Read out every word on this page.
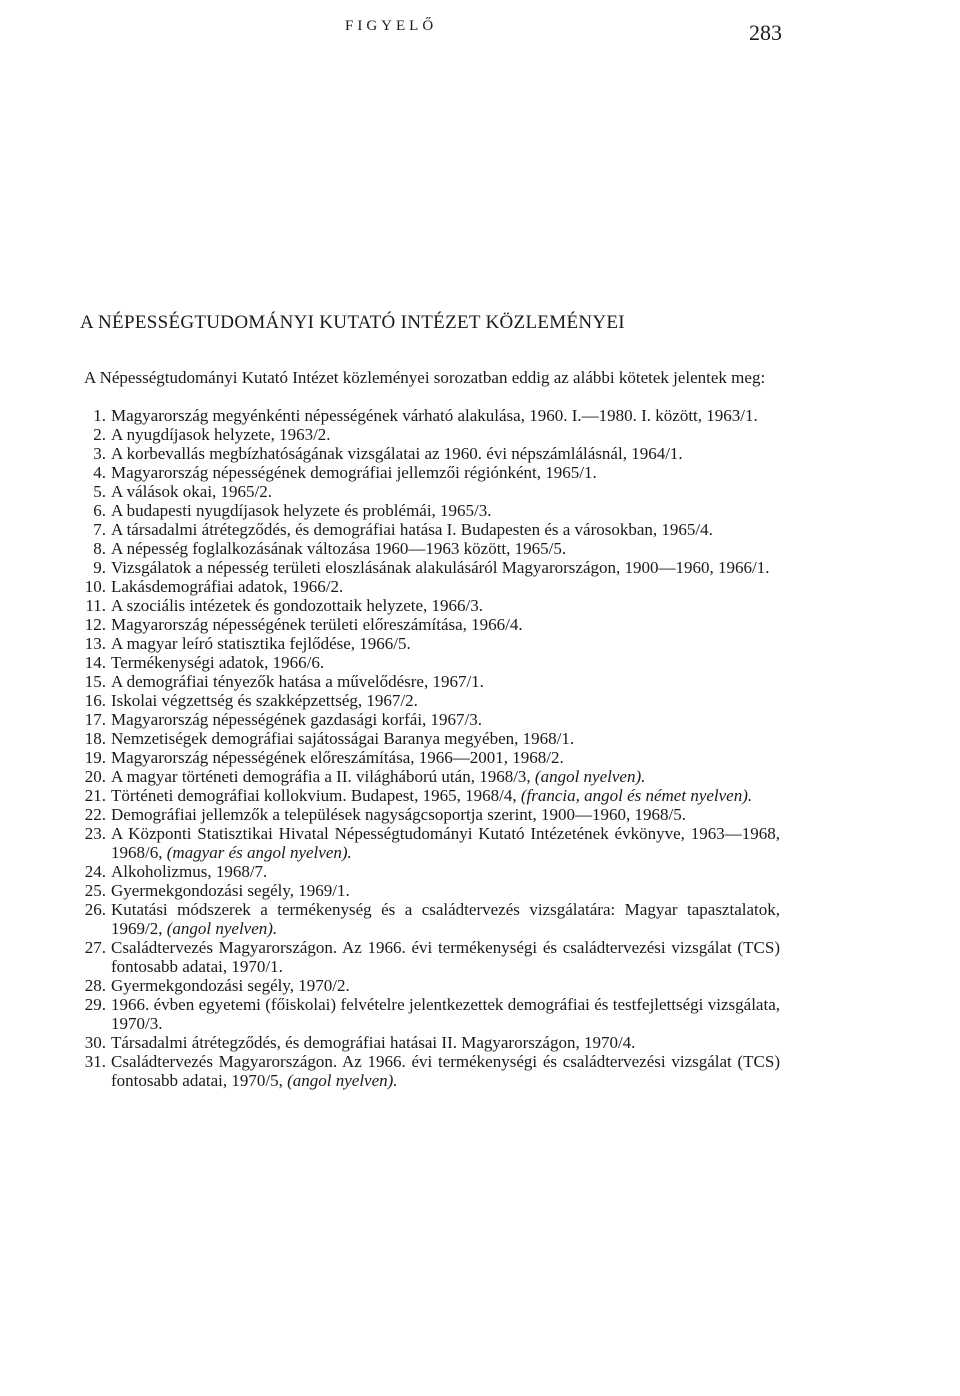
FIGYELŐ	283
A NÉPESSÉGTUDOMÁNYI KUTATÓ INTÉZET KÖZLEMÉNYEI
A Népességtudományi Kutató Intézet közleményei sorozatban eddig az alábbi kötetek jelentek meg:
1. Magyarország megyénkénti népességének várható alakulása, 1960. I.—1980. I. között, 1963/1.
2. A nyugdíjasok helyzete, 1963/2.
3. A korbevallás megbízhatóságának vizsgálatai az 1960. évi népszámlálásnál, 1964/1.
4. Magyarország népességének demográfiai jellemzői régiónként, 1965/1.
5. A válások okai, 1965/2.
6. A budapesti nyugdíjasok helyzete és problémái, 1965/3.
7. A társadalmi átrétegződés, és demográfiai hatása I. Budapesten és a városokban, 1965/4.
8. A népesség foglalkozásának változása 1960—1963 között, 1965/5.
9. Vizsgálatok a népesség területi eloszlásának alakulásáról Magyarországon, 1900—1960, 1966/1.
10. Lakásdemográfiai adatok, 1966/2.
11. A szociális intézetek és gondozottaik helyzete, 1966/3.
12. Magyarország népességének területi előreszámítása, 1966/4.
13. A magyar leíró statisztika fejlődése, 1966/5.
14. Termékenységi adatok, 1966/6.
15. A demográfiai tényezők hatása a művelődésre, 1967/1.
16. Iskolai végzettség és szakképzettség, 1967/2.
17. Magyarország népességének gazdasági korfái, 1967/3.
18. Nemzetiségek demográfiai sajátosságai Baranya megyében, 1968/1.
19. Magyarország népességének előreszámítása, 1966—2001, 1968/2.
20. A magyar történeti demográfia a II. világháború után, 1968/3, (angol nyelven).
21. Történeti demográfiai kollokvium. Budapest, 1965, 1968/4, (francia, angol és német nyelven).
22. Demográfiai jellemzők a települések nagyságcsoportja szerint, 1900—1960, 1968/5.
23. A Központi Statisztikai Hivatal Népességtudományi Kutató Intézetének évkönyve, 1963—1968, 1968/6, (magyar és angol nyelven).
24. Alkoholizmus, 1968/7.
25. Gyermekgondozási segély, 1969/1.
26. Kutatási módszerek a termékenység és a családtervezés vizsgálatára: Magyar tapasztalatok, 1969/2, (angol nyelven).
27. Családtervezés Magyarországon. Az 1966. évi termékenységi és családtervezési vizsgálat (TCS) fontosabb adatai, 1970/1.
28. Gyermekgondozási segély, 1970/2.
29. 1966. évben egyetemi (főiskolai) felvételre jelentkezettek demográfiai és testfejlettségi vizsgálata, 1970/3.
30. Társadalmi átrétegződés, és demográfiai hatásai II. Magyarországon, 1970/4.
31. Családtervezés Magyarországon. Az 1966. évi termékenységi és családtervezési vizsgálat (TCS) fontosabb adatai, 1970/5, (angol nyelven).
